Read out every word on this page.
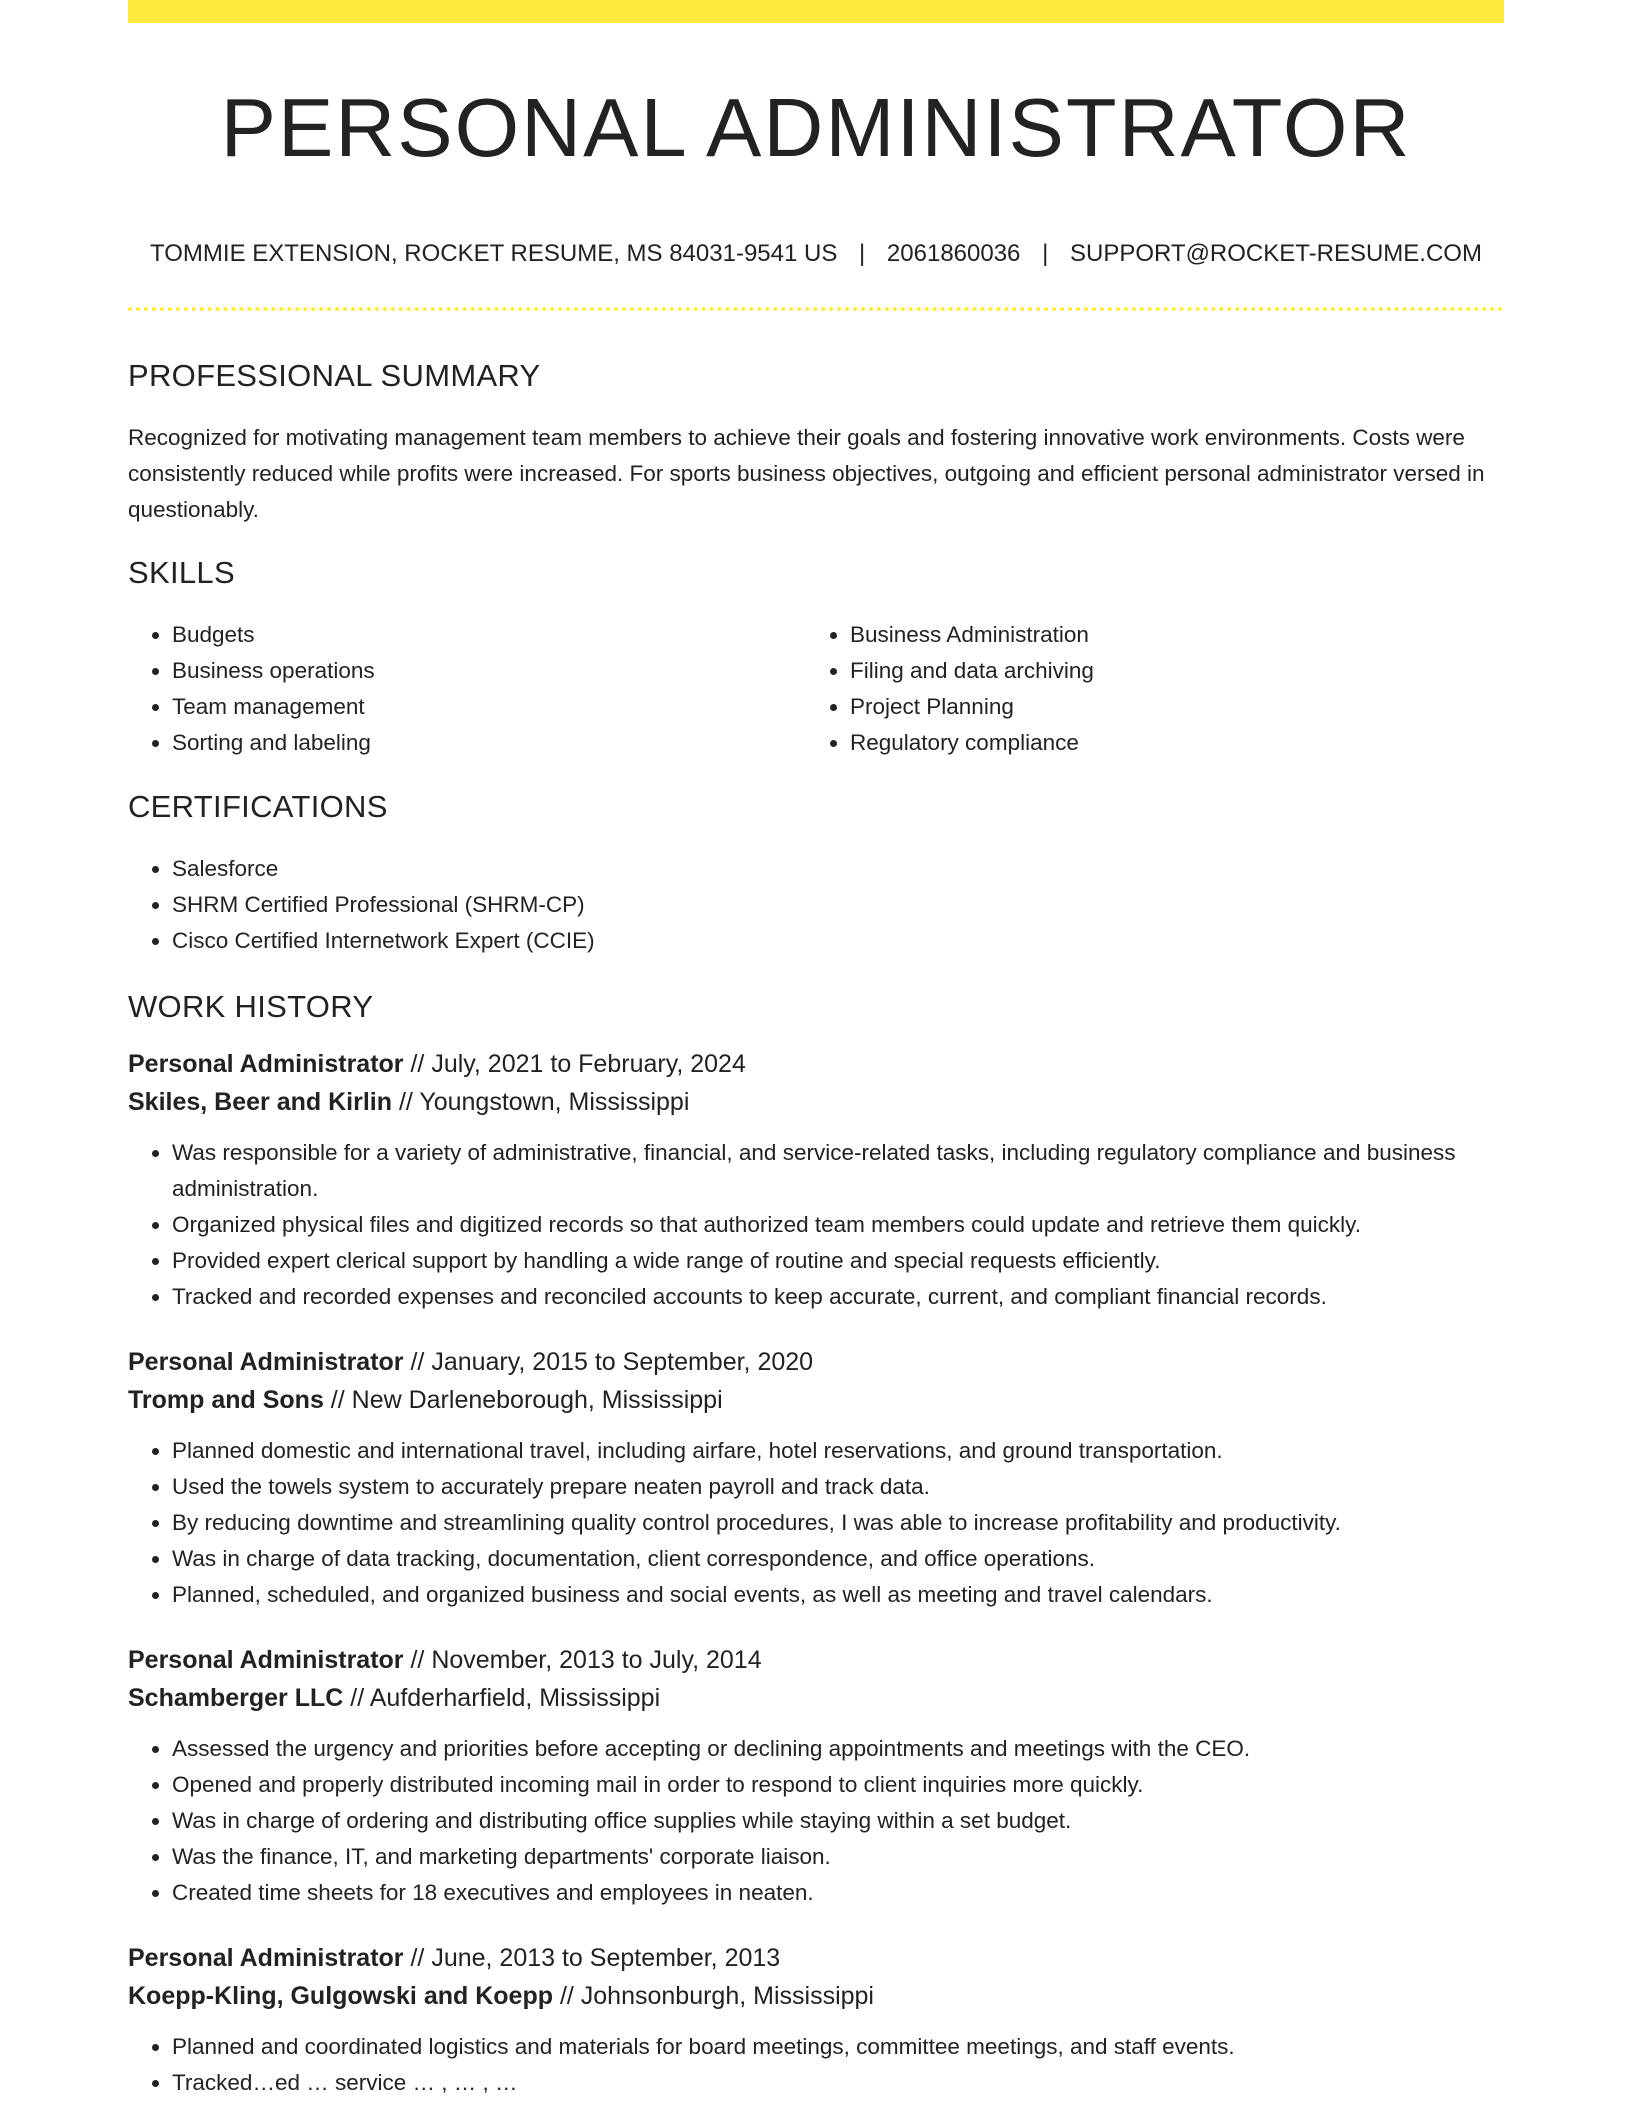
PERSONAL ADMINISTRATOR
TOMMIE EXTENSION, ROCKET RESUME, MS 84031-9541 US | 2061860036 | SUPPORT@ROCKET-RESUME.COM
PROFESSIONAL SUMMARY

Recognized for motivating management team members to achieve their goals and fostering innovative work environments. Costs were consistently reduced while profits were increased. For sports business objectives, outgoing and efficient personal administrator versed in questionably.

SKILLS
• Budgets
• Business operations
• Team management
• Sorting and labeling
• Business Administration
• Filing and data archiving
• Project Planning
• Regulatory compliance
CERTIFICATIONS
• Salesforce
• SHRM Certified Professional (SHRM-CP)
• Cisco Certified Internetwork Expert (CCIE)
WORK HISTORY
Personal Administrator // July, 2021 to February, 2024
Skiles, Beer and Kirlin // Youngstown, Mississippi
• Was responsible for a variety of administrative, financial, and service-related tasks, including regulatory compliance and business administration.
• Organized physical files and digitized records so that authorized team members could update and retrieve them quickly.
• Provided expert clerical support by handling a wide range of routine and special requests efficiently.
• Tracked and recorded expenses and reconciled accounts to keep accurate, current, and compliant financial records.
Personal Administrator // January, 2015 to September, 2020
Tromp and Sons // New Darleneborough, Mississippi
• Planned domestic and international travel, including airfare, hotel reservations, and ground transportation.
• Used the towels system to accurately prepare neaten payroll and track data.
• By reducing downtime and streamlining quality control procedures, I was able to increase profitability and productivity.
• Was in charge of data tracking, documentation, client correspondence, and office operations.
• Planned, scheduled, and organized business and social events, as well as meeting and travel calendars.
Personal Administrator // November, 2013 to July, 2014
Schamberger LLC // Aufderharfield, Mississippi
• Assessed the urgency and priorities before accepting or declining appointments and meetings with the CEO.
• Opened and properly distributed incoming mail in order to respond to client inquiries more quickly.
• Was in charge of ordering and distributing office supplies while staying within a set budget.
• Was the finance, IT, and marketing departments' corporate liaison.
• Created time sheets for 18 executives and employees in neaten.
Personal Administrator // June, 2013 to September, 2013
Koepp-Kling, Gulgowski and Koepp // Johnsonburgh, Mississippi
• Planned and coordinated logistics and materials for board meetings, committee meetings, and staff events.
• Tracked…ed … service … , … , …
